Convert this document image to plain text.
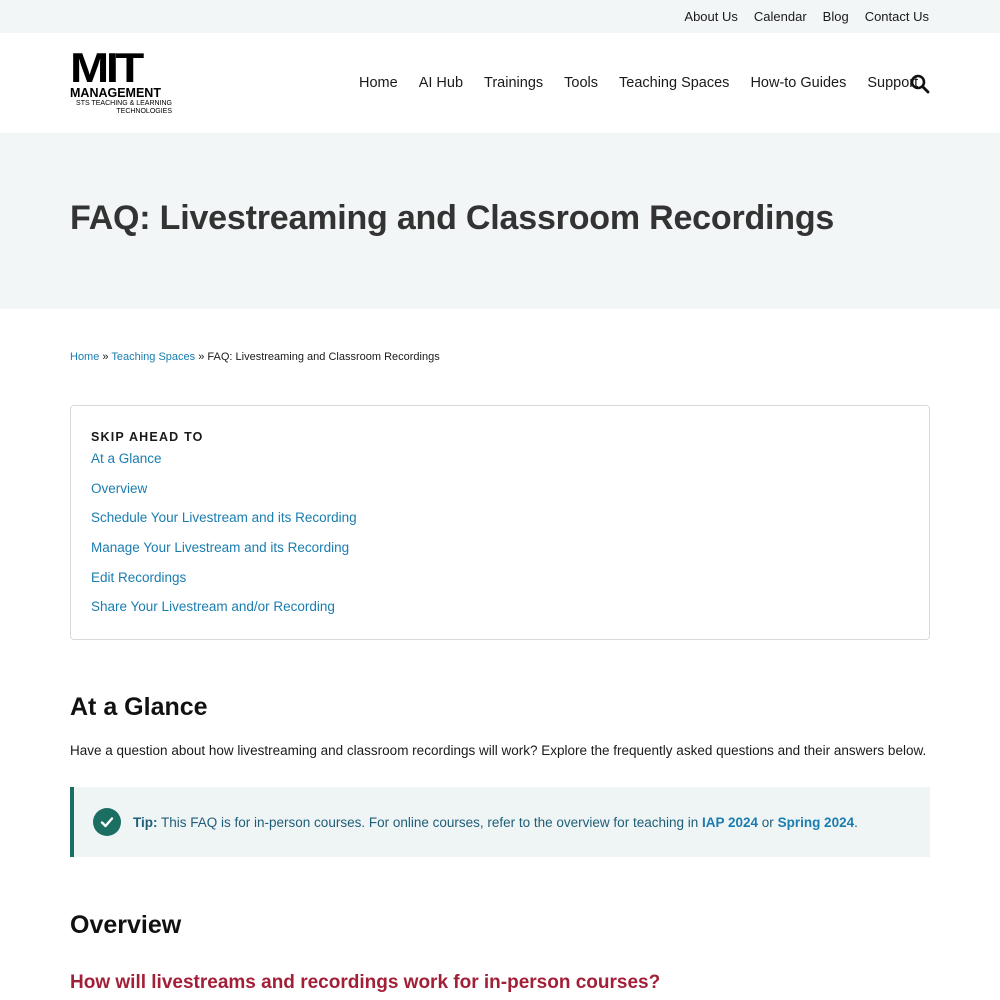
About Us Calendar Blog Contact Us
MIT
MANAGEMENT
STS TEACHING & LEARNING
TECHNOLOGIES
Home AI Hub Trainings Tools Teaching Spaces How-to Guides Support
FAQ: Livestreaming and Classroom Recordings
Home » Teaching Spaces » FAQ: Livestreaming and Classroom Recordings
SKIP AHEAD TO
At a Glance
Overview
Schedule Your Livestream and its Recording
Manage Your Livestream and its Recording
Edit Recordings
Share Your Livestream and/or Recording
At a Glance

Have a question about how livestreaming and classroom recordings will work? Explore the frequently asked questions and their answers below.

Tip: This FAQ is for in-person courses. For online courses, refer to the overview for teaching in IAP 2024 or Spring 2024.
Overview
How will livestreams and recordings work for in-person courses?
